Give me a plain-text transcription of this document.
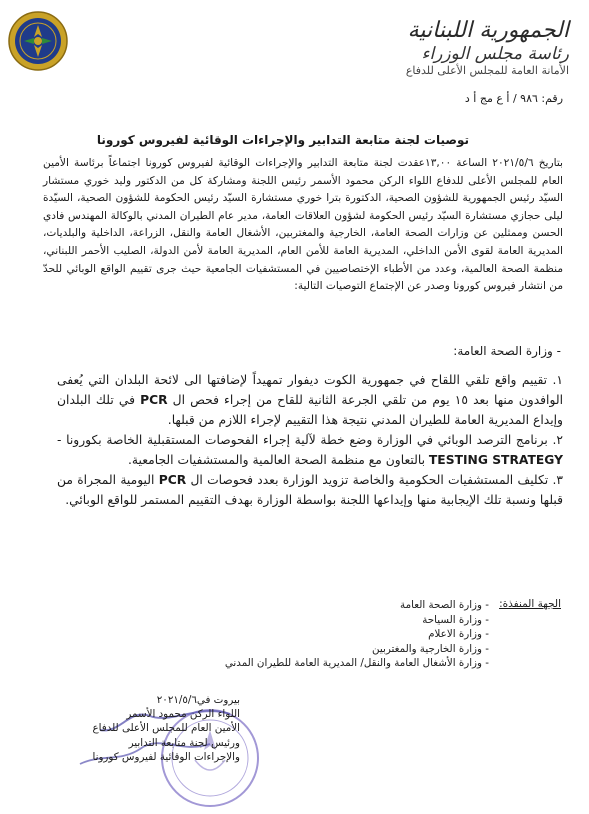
الجمهورية اللبنانية
رئاسة مجلس الوزراء
الأمانة العامة للمجلس الأعلى للدفاع
رقم: ٩٨٦ / أ ع مج أ د
توصيات لجنة متابعة التدابير والإجراءات الوقائية لفيروس كورونا
بتاريخ ٢٠٢١/٥/٦ الساعة ١٣,٠٠عقدت لجنة متابعة التدابير والإجراءات الوقائية لفيروس كورونا اجتماعاً برئاسة الأمين العام للمجلس الأعلى للدفاع اللواء الركن محمود الأسمر رئيس اللجنة ومشاركة كل من الدكتور وليد خوري مستشار السيّد رئيس الجمهورية للشؤون الصحية، الدكتورة بترا خوري مستشارة السيّد رئيس الحكومة للشؤون الصحية، السيّدة ليلى حجازي مستشارة السيّد رئيس الحكومة لشؤون العلاقات العامة، مدير عام الطيران المدني بالوكالة المهندس فادي الحسن وممثلين عن وزارات الصحة العامة، الخارجية والمغتربين، الأشغال العامة والنقل، الزراعة، الداخلية والبلديات، المديرية العامة لقوى الأمن الداخلي، المديرية العامة للأمن العام، المديرية العامة لأمن الدولة، الصليب الأحمر اللبناني، منظمة الصحة العالمية، وعدد من الأطباء الإختصاصيين في المستشفيات الجامعية حيث جرى تقييم الواقع الوبائي للحدّ من انتشار فيروس كورونا وصدر عن الإجتماع التوصيات التالية:
- وزارة الصحة العامة:
١. تقييم واقع تلقي اللقاح في جمهورية الكوت ديفوار تمهيداً لإضافتها الى لائحة البلدان التي يُعفى الوافدون منها بعد ١٥ يوم من تلقي الجرعة الثانية للقاح من إجراء فحص ال PCR في تلك البلدان وإيداع المديرية العامة للطيران المدني نتيجة هذا التقييم لإجراء اللازم من قبلها.
٢. برنامج الترصد الوبائي في الوزارة وضع خطة لآلية إجراء الفحوصات المستقبلية الخاصة بكورونا - TESTING STRATEGY بالتعاون مع منظمة الصحة العالمية والمستشفيات الجامعية.
٣. تكليف المستشفيات الحكومية والخاصة تزويد الوزارة بعدد فحوصات ال PCR اليومية المجراة من قبلها ونسبة تلك الإيجابية منها وإيداعها اللجنة بواسطة الوزارة بهدف التقييم المستمر للواقع الوبائي.
الجهة المنفذة:
- وزارة الصحة العامة
- وزارة السياحة
- وزارة الاعلام
- وزارة الخارجية والمغتربين
- وزارة الأشغال العامة والنقل/ المديرية العامة للطيران المدني
بيروت في٢٠٢١/٥/٦
اللواء الركن محمود الأسمر
الأمين العام للمجلس الأعلى للدفاع
ورئيس لجنة متابعة التدابير
والإجراءات الوقائية لفيروس كورونا
